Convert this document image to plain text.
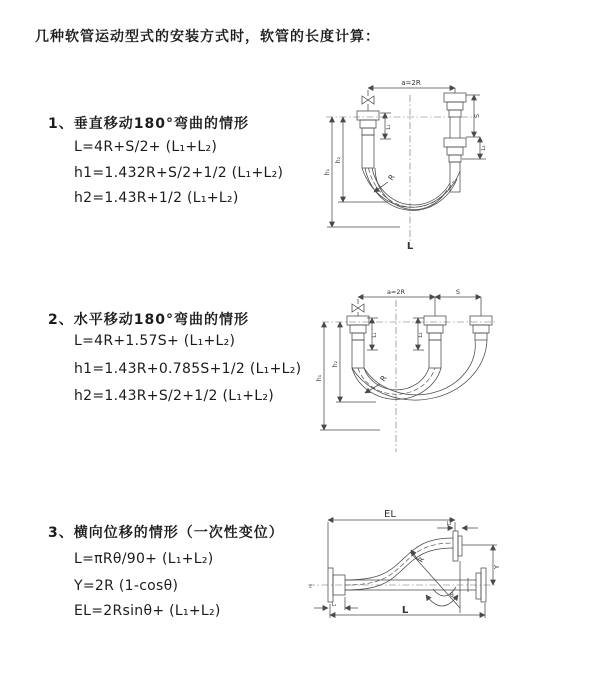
几种软管运动型式的安装方式时，软管的长度计算：
1、垂直移动180°弯曲的情形
L=4R+S/2+ (L₁+L₂)
h1=1.432R+S/2+1/2 (L₁+L₂)
h2=1.43R+1/2 (L₁+L₂)
2、水平移动180°弯曲的情形
L=4R+1.57S+ (L₁+L₂)
h1=1.43R+0.785S+1/2 (L₁+L₂)
h2=1.43R+S/2+1/2 (L₁+L₂)
3、横向位移的情形（一次性变位）
L=πRθ/90+ (L₁+L₂)
Y=2R (1-cosθ)
EL=2Rsinθ+ (L₁+L₂)
a=2R
S
L₁
L₂
h₁
h₂
R
L
a=2R	S
h₁
h₂
L₁	L₂
R
EL
L₂
Y
R
θ
L
L₁
z
